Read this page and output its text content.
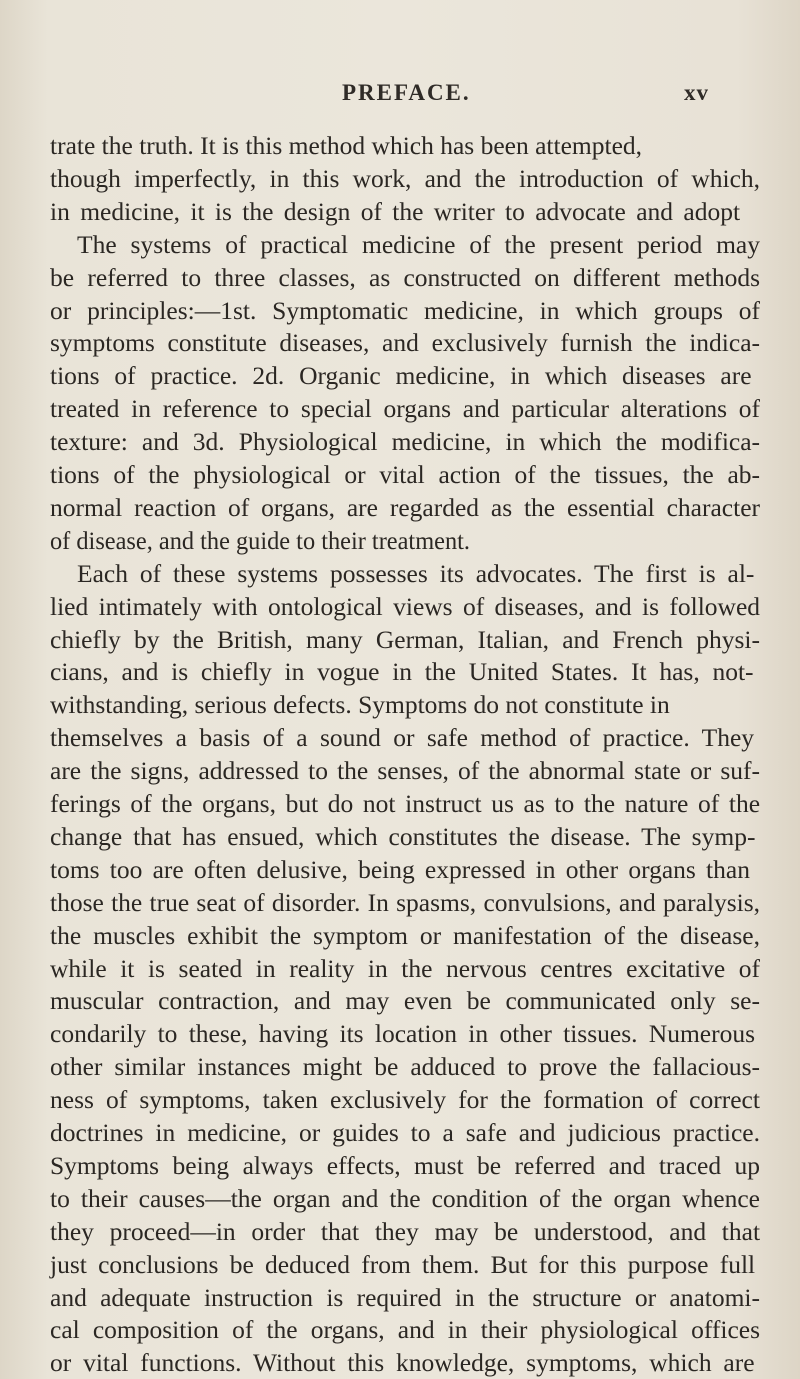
PREFACE.	xv
trate the truth. It is this method which has been attempted,
though imperfectly, in this work, and the introduction of which,
in medicine, it is the design of the writer to advocate and adopt
The systems of practical medicine of the present period may
be referred to three classes, as constructed on different methods
or principles:—1st. Symptomatic medicine, in which groups of
symptoms constitute diseases, and exclusively furnish the indica-
tions of practice. 2d. Organic medicine, in which diseases are
treated in reference to special organs and particular alterations of
texture: and 3d. Physiological medicine, in which the modifica-
tions of the physiological or vital action of the tissues, the ab-
normal reaction of organs, are regarded as the essential character
of disease, and the guide to their treatment.
Each of these systems possesses its advocates. The first is al-
lied intimately with ontological views of diseases, and is followed
chiefly by the British, many German, Italian, and French physi-
cians, and is chiefly in vogue in the United States. It has, not-
withstanding, serious defects. Symptoms do not constitute in
themselves a basis of a sound or safe method of practice. They
are the signs, addressed to the senses, of the abnormal state or suf-
ferings of the organs, but do not instruct us as to the nature of the
change that has ensued, which constitutes the disease. The symp-
toms too are often delusive, being expressed in other organs than
those the true seat of disorder. In spasms, convulsions, and paralysis,
the muscles exhibit the symptom or manifestation of the disease,
while it is seated in reality in the nervous centres excitative of
muscular contraction, and may even be communicated only se-
condarily to these, having its location in other tissues. Numerous
other similar instances might be adduced to prove the fallacious-
ness of symptoms, taken exclusively for the formation of correct
doctrines in medicine, or guides to a safe and judicious practice.
Symptoms being always effects, must be referred and traced up
to their causes—the organ and the condition of the organ whence
they proceed—in order that they may be understood, and that
just conclusions be deduced from them. But for this purpose full
and adequate instruction is required in the structure or anatomi-
cal composition of the organs, and in their physiological offices
or vital functions. Without this knowledge, symptoms, which are
